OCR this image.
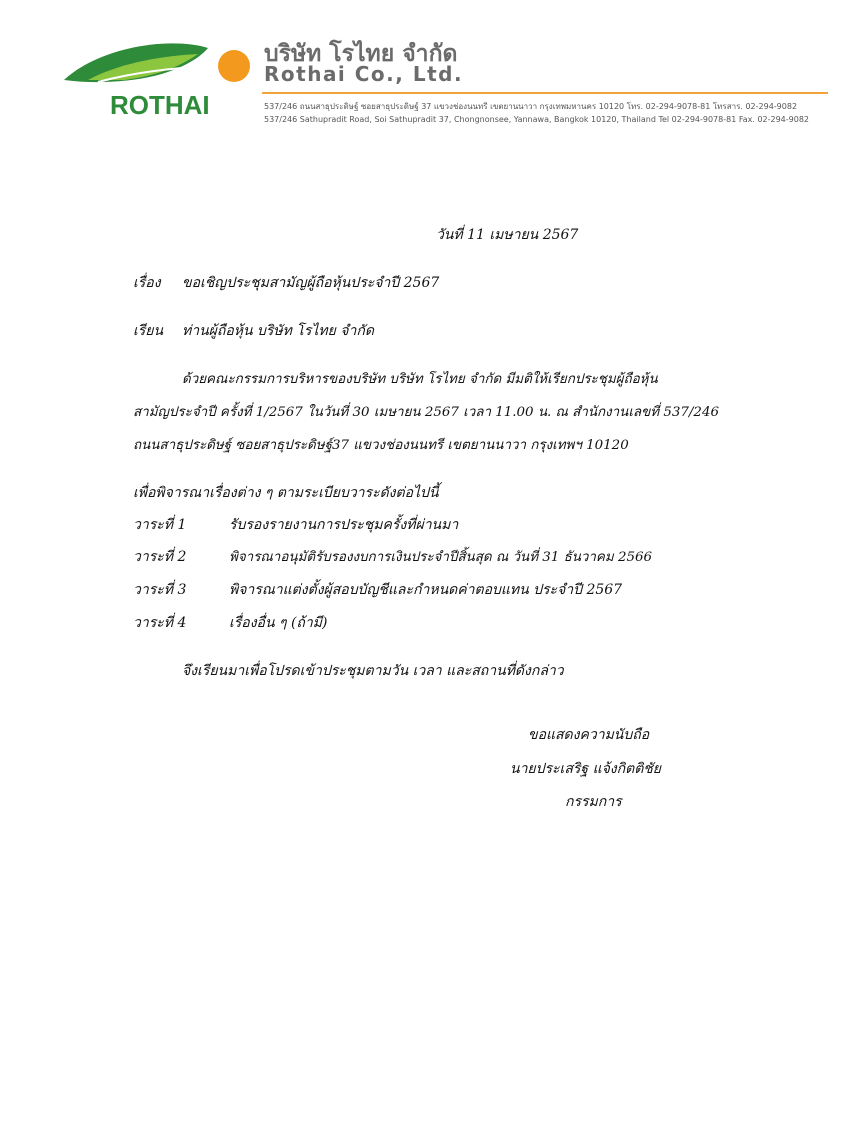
ROTHAI
บริษัท โรไทย จำกัด
Rothai Co., Ltd.
537/246 ถนนสาธุประดิษฐ์ ซอยสาธุประดิษฐ์ 37 แขวงช่องนนทรี เขตยานนาวา กรุงเทพมหานคร 10120 โทร. 02-294-9078-81 โทรสาร. 02-294-9082
537/246 Sathupradit Road, Soi Sathupradit 37, Chongnonsee, Yannawa, Bangkok 10120, Thailand Tel 02-294-9078-81 Fax. 02-294-9082
วันที่ 11 เมษายน 2567
เรื่อง ขอเชิญประชุมสามัญผู้ถือหุ้นประจำปี 2567
เรียน ท่านผู้ถือหุ้น บริษัท โรไทย จำกัด
ด้วยคณะกรรมการบริหารของบริษัท บริษัท โรไทย จำกัด มีมติให้เรียกประชุมผู้ถือหุ้น
สามัญประจำปี ครั้งที่ 1/2567 ในวันที่ 30 เมษายน 2567 เวลา 11.00 น. ณ สำนักงานเลขที่ 537/246
ถนนสาธุประดิษฐ์ ซอยสาธุประดิษฐ์37 แขวงช่องนนทรี เขตยานนาวา กรุงเทพฯ 10120
เพื่อพิจารณาเรื่องต่าง ๆ ตามระเบียบวาระดังต่อไปนี้
วาระที่ 1	รับรองรายงานการประชุมครั้งที่ผ่านมา
วาระที่ 2	พิจารณาอนุมัติรับรองงบการเงินประจำปีสิ้นสุด ณ วันที่ 31 ธันวาคม 2566
วาระที่ 3	พิจารณาแต่งตั้งผู้สอบบัญชีและกำหนดค่าตอบแทน ประจำปี 2567
วาระที่ 4	เรื่องอื่น ๆ (ถ้ามี)
จึงเรียนมาเพื่อโปรดเข้าประชุมตามวัน เวลา และสถานที่ดังกล่าว
ขอแสดงความนับถือ
นายประเสริฐ แจ้งกิตติชัย
กรรมการ
